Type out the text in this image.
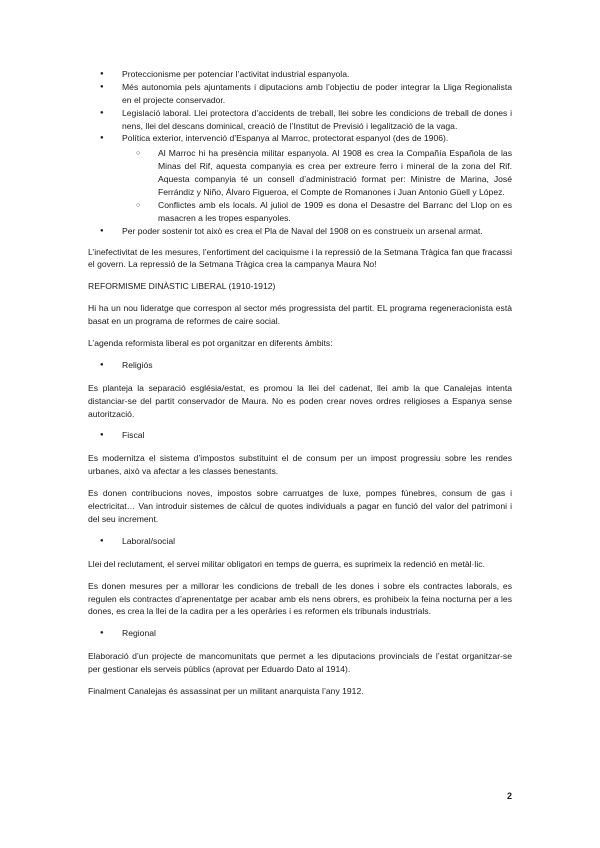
● Proteccionisme per potenciar l’activitat industrial espanyola.
● Més autonomia pels ajuntaments i diputacions amb l’objectiu de poder integrar la Lliga Regionalista en el projecte conservador.
● Legislació laboral. Llei protectora d’accidents de treball, llei sobre les condicions de treball de dones i nens, llei del descans dominical, creació de l’Institut de Previsió i legalització de la vaga.
● Política exterior, intervenció d’Espanya al Marroc, protectorat espanyol (des de 1906).
○ Al Marroc hi ha presència militar espanyola. Al 1908 es crea la Compañía Española de las Minas del Rif, aquesta companyia es crea per extreure ferro i mineral de la zona del Rif. Aquesta companyia té un consell d’administració format per: Ministre de Marina, José Ferrándiz y Niño, Álvaro Figueroa, el Compte de Romanones i Juan Antonio Güell y López.
○ Conflictes amb els locals. Al juliol de 1909 es dona el Desastre del Barranc del Llop on es masacren a les tropes espanyoles.
● Per poder sostenir tot això es crea el Pla de Naval del 1908 on es construeix un arsenal armat.

L’inefectivitat de les mesures, l’enfortiment del caciquisme i la repressió de la Setmana Tràgica fan que fracassi el govern. La repressió de la Setmana Tràgica crea la campanya Maura No!

REFORMISME DINÀSTIC LIBERAL (1910-1912)

Hi ha un nou lideratge que correspon al sector més progressista del partit. EL programa regeneracionista està basat en un programa de reformes de caire social.

L’agenda reformista liberal es pot organitzar en diferents àmbits:

● Religiós

Es planteja la separació església/estat, es promou la llei del cadenat, llei amb la que Canalejas intenta distanciar-se del partit conservador de Maura. No es poden crear noves ordres religioses a Espanya sense autorització.

● Fiscal

Es modernitza el sistema d’impostos substituint el de consum per un impost progressiu sobre les rendes urbanes, això va afectar a les classes benestants.

Es donen contribucions noves, impostos sobre carruatges de luxe, pompes fúnebres, consum de gas i electricitat… Van introduir sistemes de càlcul de quotes individuals a pagar en funció del valor del patrimoni i del seu increment.

● Laboral/social

Llei del reclutament, el servei militar obligatori en temps de guerra, es suprimeix la redenció en metàl·lic.

Es donen mesures per a millorar les condicions de treball de les dones i sobre els contractes laborals, es regulen els contractes d’aprenentatge per acabar amb els nens obrers, es prohibeix la feina nocturna per a les dones, es crea la llei de la cadira per a les operàries i es reformen els tribunals industrials.

● Regional

Elaboració d’un projecte de mancomunitats que permet a les diputacions provincials de l’estat organitzar-se per gestionar els serveis públics (aprovat per Eduardo Dato al 1914).

Finalment Canalejas és assassinat per un militant anarquista l’any 1912.

2
